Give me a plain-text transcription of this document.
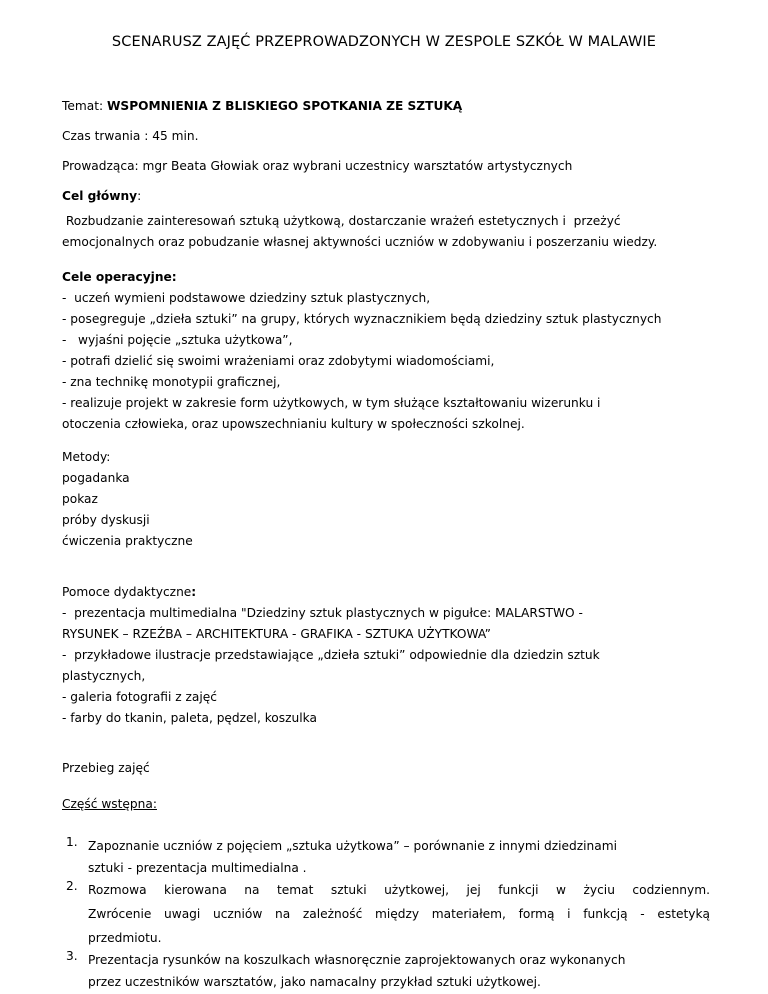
SCENARUSZ ZAJĘĆ PRZEPROWADZONYCH W ZESPOLE SZKÓŁ W MALAWIE

Temat: WSPOMNIENIA Z BLISKIEGO SPOTKANIA ZE SZTUKĄ

Czas trwania : 45 min.

Prowadząca: mgr Beata Głowiak oraz wybrani uczestnicy warsztatów artystycznych

Cel główny:

Rozbudzanie zainteresowań sztuką użytkową, dostarczanie wrażeń estetycznych i  przeżyć
emocjonalnych oraz pobudzanie własnej aktywności uczniów w zdobywaniu i poszerzaniu wiedzy.

Cele operacyjne:
-  uczeń wymieni podstawowe dziedziny sztuk plastycznych,
- posegreguje „dzieła sztuki” na grupy, których wyznacznikiem będą dziedziny sztuk plastycznych
-   wyjaśni pojęcie „sztuka użytkowa”,
- potrafi dzielić się swoimi wrażeniami oraz zdobytymi wiadomościami,
- zna technikę monotypii graficznej,
- realizuje projekt w zakresie form użytkowych, w tym służące kształtowaniu wizerunku i
otoczenia człowieka, oraz upowszechnianiu kultury w społeczności szkolnej.
Metody:
pogadanka
pokaz
próby dyskusji
ćwiczenia praktyczne
Pomoce dydaktyczne:
-  prezentacja multimedialna "Dziedziny sztuk plastycznych w pigułce: MALARSTWO -
RYSUNEK – RZEŹBA – ARCHITEKTURA - GRAFIKA - SZTUKA UŻYTKOWA”
-  przykładowe ilustracje przedstawiające „dzieła sztuki” odpowiednie dla dziedzin sztuk
plastycznych,
- galeria fotografii z zajęć
- farby do tkanin, paleta, pędzel, koszulka

Przebieg zajęć

Część wstępna:

1. Zapoznanie uczniów z pojęciem „sztuka użytkowa” – porównanie z innymi dziedzinami
sztuki - prezentacja multimedialna .
2. Rozmowa kierowana na temat sztuki użytkowej, jej funkcji w życiu codziennym.
Zwrócenie uwagi uczniów na zależność między materiałem, formą i funkcją - estetyką
przedmiotu.
3. Prezentacja rysunków na koszulkach własnoręcznie zaprojektowanych oraz wykonanych
przez uczestników warsztatów, jako namacalny przykład sztuki użytkowej.
